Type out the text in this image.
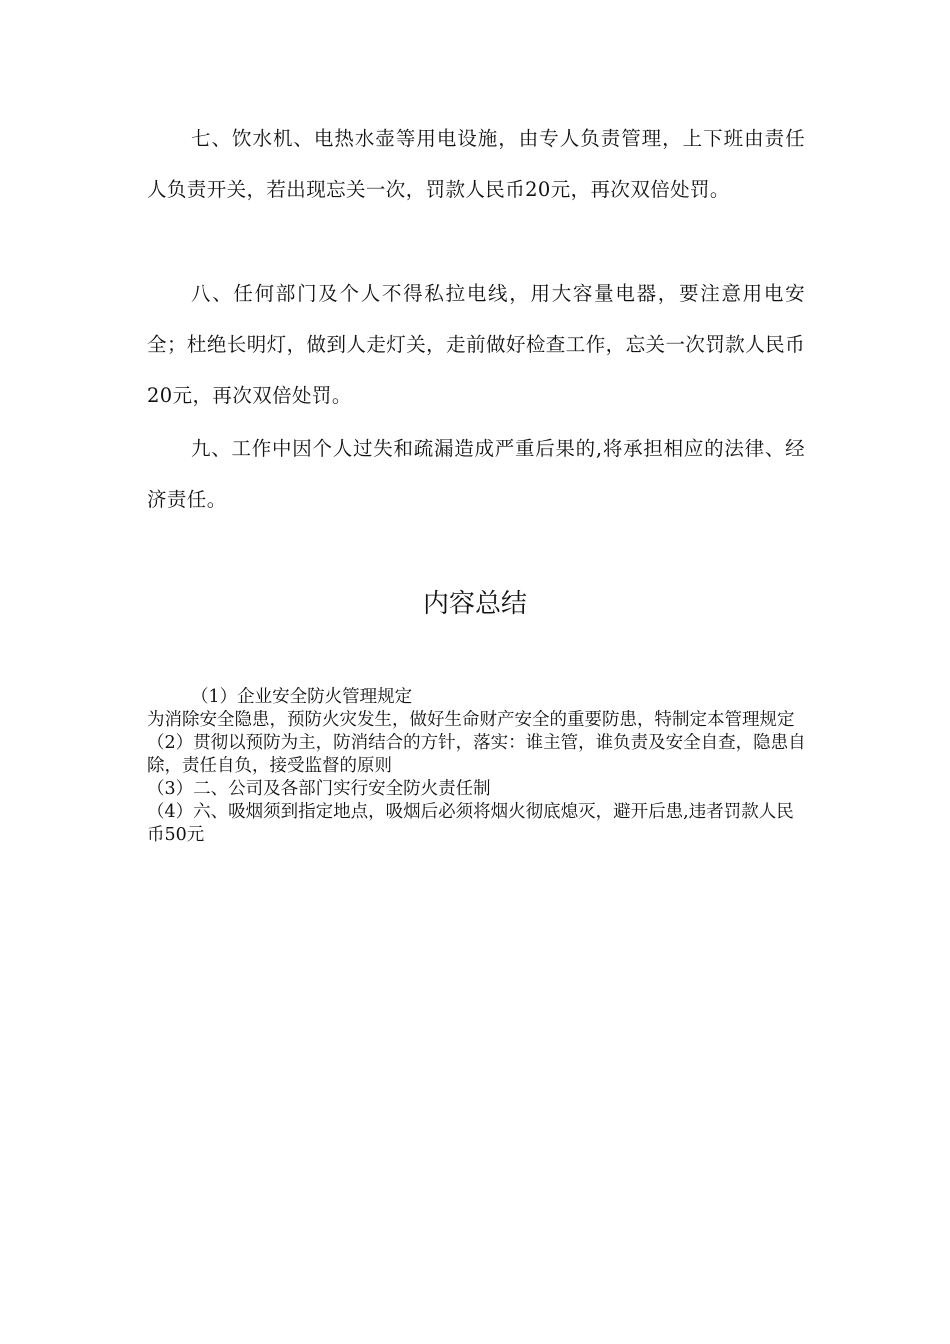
七、饮水机、电热水壶等用电设施，由专人负责管理，上下班由责任人负责开关，若出现忘关一次，罚款人民币20元，再次双倍处罚。

八、任何部门及个人不得私拉电线，用大容量电器，要注意用电安全；杜绝长明灯，做到人走灯关，走前做好检查工作，忘关一次罚款人民币20元，再次双倍处罚。

九、工作中因个人过失和疏漏造成严重后果的,将承担相应的法律、经济责任。

内容总结
（1）企业安全防火管理规定
为消除安全隐患，预防火灾发生，做好生命财产安全的重要防患，特制定本管理规定
（2）贯彻以预防为主，防消结合的方针，落实：谁主管，谁负责及安全自查，隐患自除，责任自负，接受监督的原则
（3）二、公司及各部门实行安全防火责任制
（4）六、吸烟须到指定地点，吸烟后必须将烟火彻底熄灭，避开后患,违者罚款人民币50元
